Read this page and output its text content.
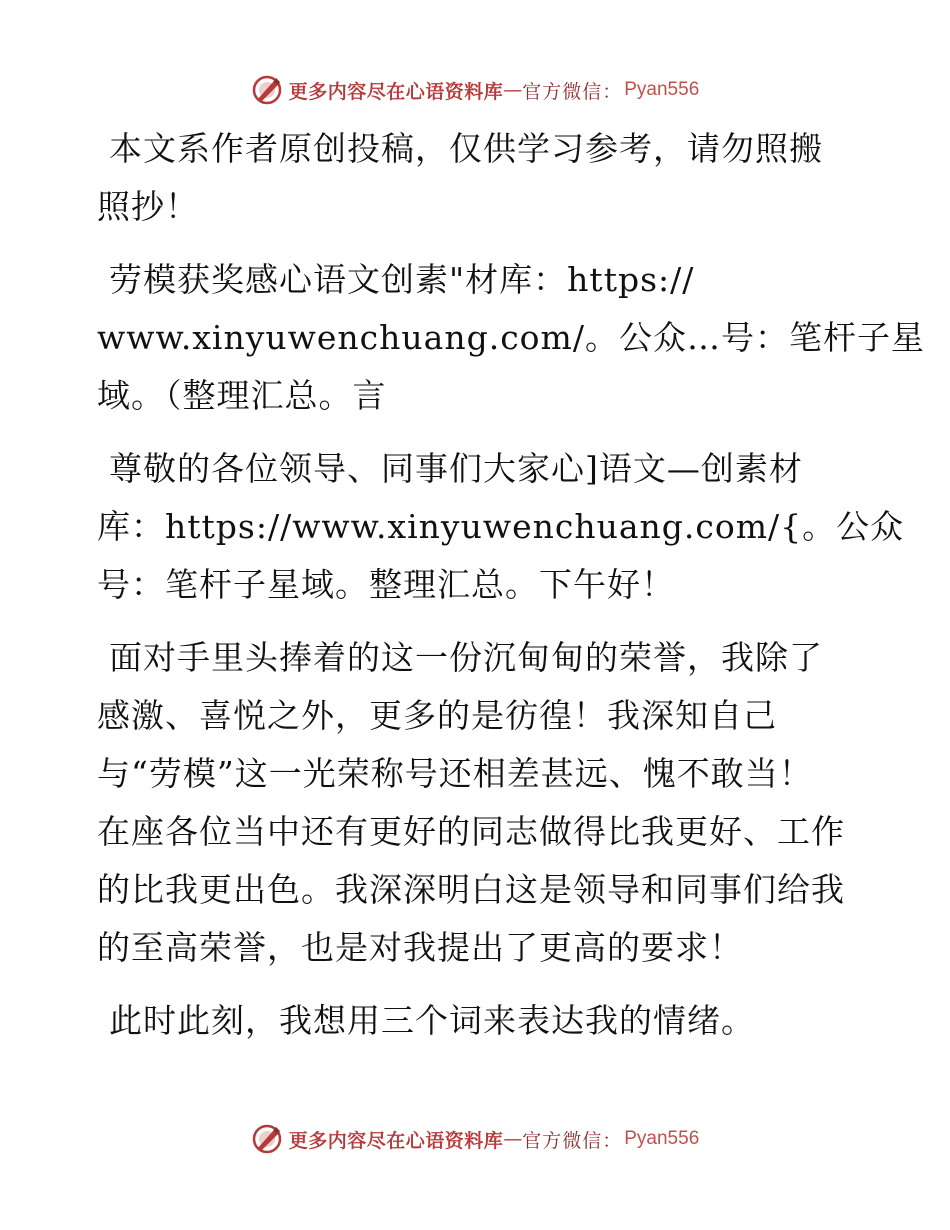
更多内容尽在心语资料库 — 官方微信： Pyan556

本文系作者原创投稿，仅供学习参考，请勿照搬
照抄！

劳模获奖感心语文创素"材库：https://
www.xinyuwenchuang.com/。公众…号：笔杆子星
域。（整理汇总。言

尊敬的各位领导、同事们大家心]语文—创素材
库：https://www.xinyuwenchuang.com/{。公众
号：笔杆子星域。整理汇总。下午好！

面对手里头捧着的这一份沉甸甸的荣誉，我除了
感激、喜悦之外，更多的是彷徨！我深知自己
与“劳模”这一光荣称号还相差甚远、愧不敢当！
在座各位当中还有更好的同志做得比我更好、工作
的比我更出色。我深深明白这是领导和同事们给我
的至高荣誉，也是对我提出了更高的要求！

此时此刻，我想用三个词来表达我的情绪。

更多内容尽在心语资料库 — 官方微信： Pyan556
